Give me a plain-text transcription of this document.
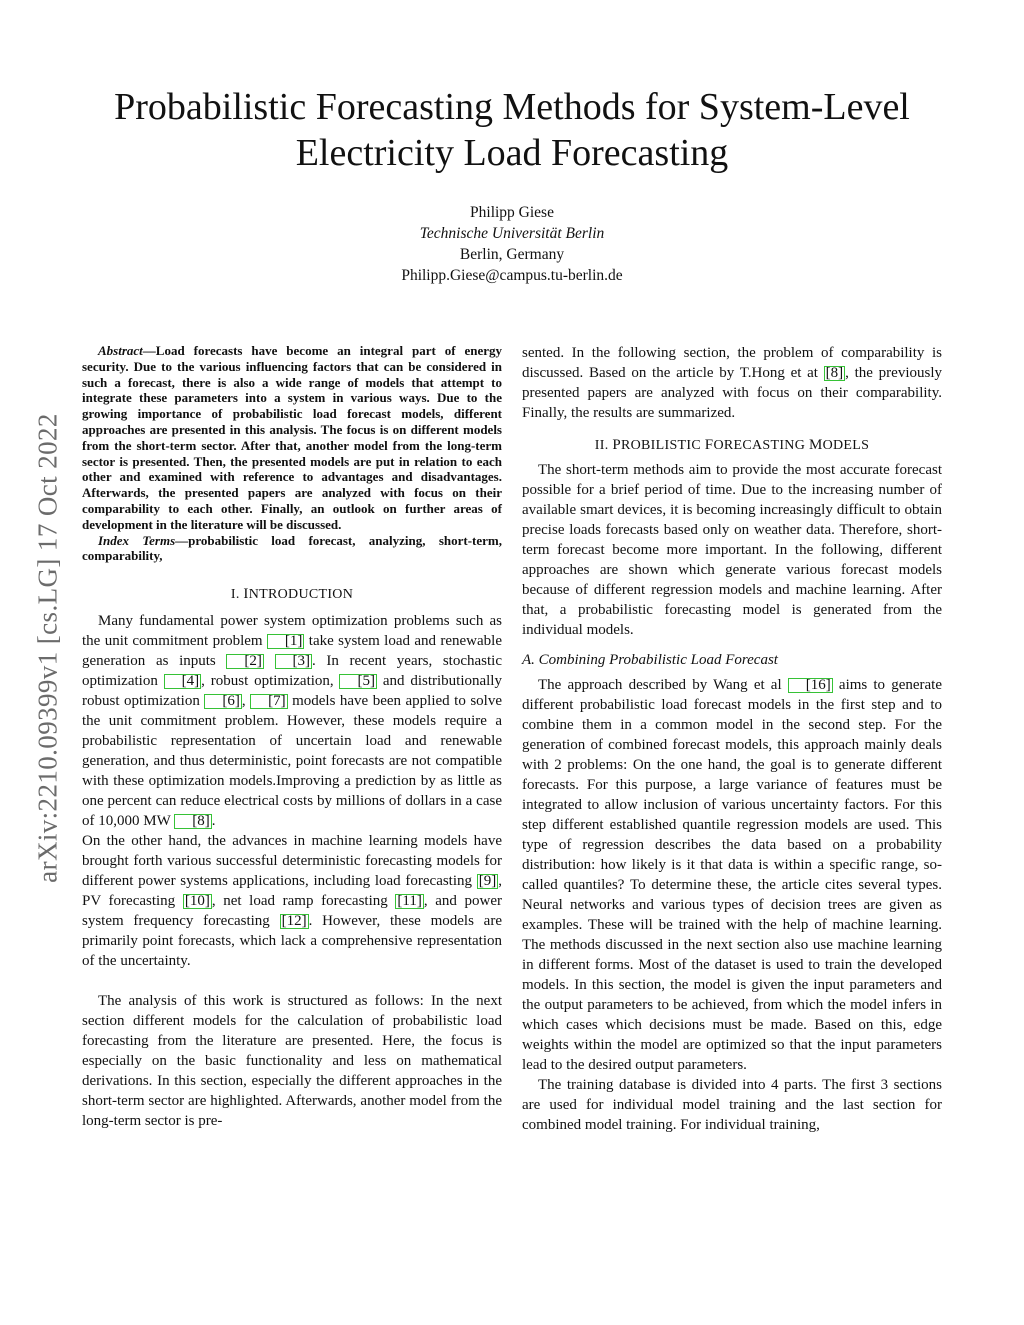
arXiv:2210.09399v1 [cs.LG] 17 Oct 2022
Probabilistic Forecasting Methods for System-Level
Electricity Load Forecasting
Philipp Giese
Technische Universität Berlin
Berlin, Germany
Philipp.Giese@campus.tu-berlin.de

Abstract—Load forecasts have become an integral part of energy security. Due to the various influencing factors that can be considered in such a forecast, there is also a wide range of models that attempt to integrate these parameters into a system in various ways. Due to the growing importance of probabilistic load forecast models, different approaches are presented in this analysis. The focus is on different models from the short-term sector. After that, another model from the long-term sector is presented. Then, the presented models are put in relation to each other and examined with reference to advantages and disadvantages. Afterwards, the presented papers are analyzed with focus on their comparability to each other. Finally, an outlook on further areas of development in the literature will be discussed.

Index Terms—probabilistic load forecast, analyzing, short-term, comparability,

I. INTRODUCTION

Many fundamental power system optimization problems such as the unit commitment problem [1] take system load and renewable generation as inputs [2] [3] . In recent years, stochastic optimization [4] , robust optimization, [5] and distributionally robust optimization [6] , [7] models have been applied to solve the unit commitment problem. However, these models require a probabilistic representation of uncertain load and renewable generation, and thus deterministic, point forecasts are not compatible with these optimization models.Improving a prediction by as little as one percent can reduce electrical costs by millions of dollars in a case of 10,000 MW [8] .

On the other hand, the advances in machine learning models have brought forth various successful deterministic forecasting models for different power systems applications, including load forecasting [9] , PV forecasting [10] , net load ramp forecasting [11] , and power system frequency forecasting [12] . However, these models are primarily point forecasts, which lack a comprehensive representation of the uncertainty.

The analysis of this work is structured as follows: In the next section different models for the calculation of probabilistic load forecasting from the literature are presented. Here, the focus is especially on the basic functionality and less on mathematical derivations. In this section, especially the different approaches in the short-term sector are highlighted. Afterwards, another model from the long-term sector is pre-

sented. In the following section, the problem of comparability is discussed. Based on the article by T.Hong et at [8] , the previously presented papers are analyzed with focus on their comparability. Finally, the results are summarized.

II. PROBILISTIC FORECASTING MODELS

The short-term methods aim to provide the most accurate forecast possible for a brief period of time. Due to the increasing number of available smart devices, it is becoming increasingly difficult to obtain precise loads forecasts based only on weather data. Therefore, short-term forecast become more important. In the following, different approaches are shown which generate various forecast models because of different regression models and machine learning. After that, a probabilistic forecasting model is generated from the individual models.

A. Combining Probabilistic Load Forecast

The approach described by Wang et al [16] aims to generate different probabilistic load forecast models in the first step and to combine them in a common model in the second step. For the generation of combined forecast models, this approach mainly deals with 2 problems: On the one hand, the goal is to generate different forecasts. For this purpose, a large variance of features must be integrated to allow inclusion of various uncertainty factors. For this step different established quantile regression models are used. This type of regression describes the data based on a probability distribution: how likely is it that data is within a specific range, so-called quantiles? To determine these, the article cites several types. Neural networks and various types of decision trees are given as examples. These will be trained with the help of machine learning. The methods discussed in the next section also use machine learning in different forms. Most of the dataset is used to train the developed models. In this section, the model is given the input parameters and the output parameters to be achieved, from which the model infers in which cases which decisions must be made. Based on this, edge weights within the model are optimized so that the input parameters lead to the desired output parameters.

The training database is divided into 4 parts. The first 3 sections are used for individual model training and the last section for combined model training. For individual training,
